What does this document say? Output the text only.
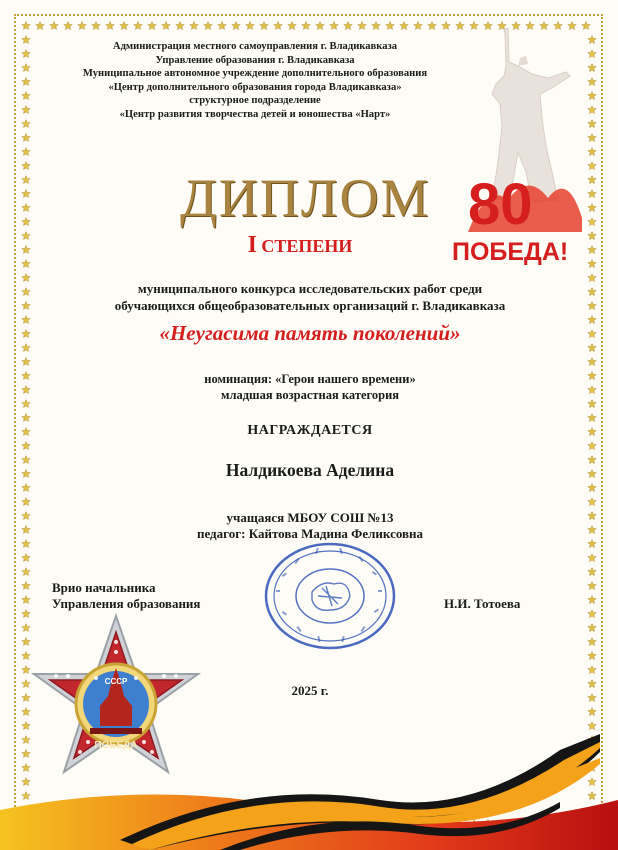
Администрация местного самоуправления г. Владикавказа
Управление образования г. Владикавказа
Муниципальное автономное учреждение дополнительного образования
«Центр дополнительного образования города Владикавказа»
структурное подразделение
«Центр развития творчества детей и юношества «Нарт»
80
ПОБЕДА!
ДИПЛОМ
I СТЕПЕНИ
муниципального конкурса исследовательских работ среди
обучающихся общеобразовательных организаций г. Владикавказа
«Неугасима память поколений»
номинация: «Герои нашего времени»
младшая возрастная категория
НАГРАЖДАЕТСЯ
Налдикоева Аделина
учащаяся МБОУ СОШ №13
педагог: Кайтова Мадина Феликсовна
Врио начальника
Управления образования	Н.И. Тотоева
2025 г.
СССР
ПОБЕДА
